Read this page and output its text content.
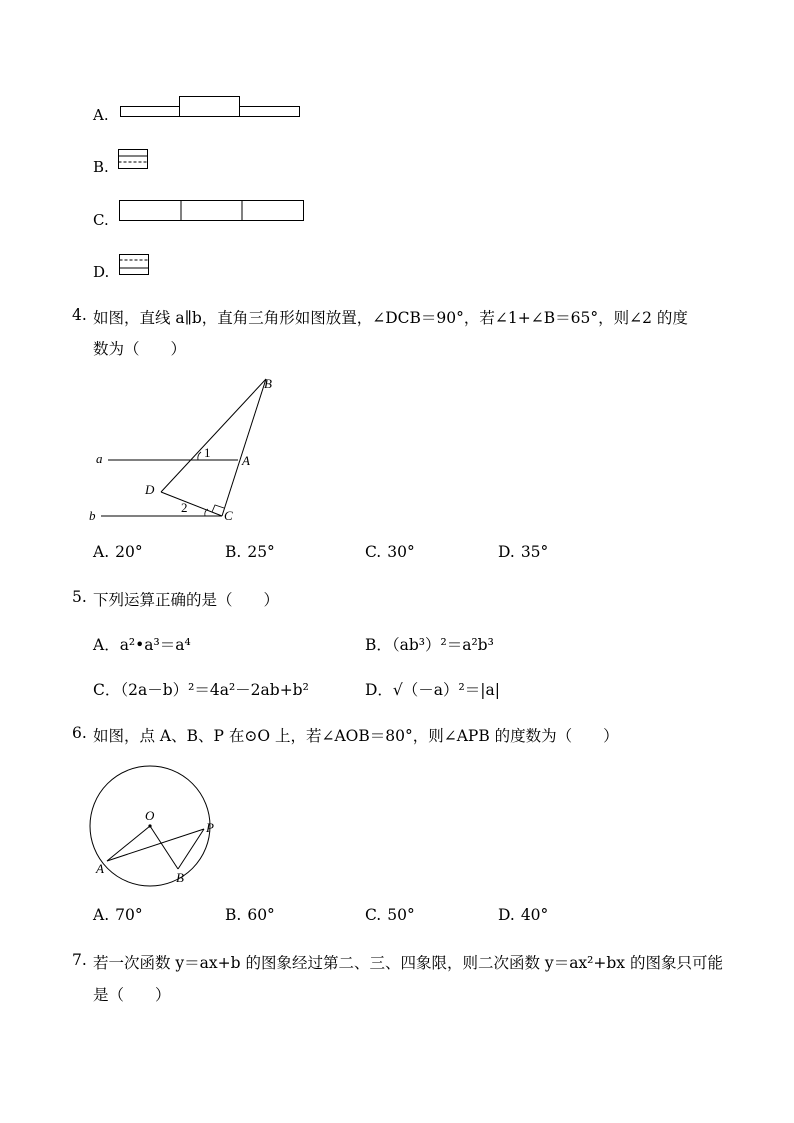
A.
B.
C.
D.
4. 如图，直线 a∥b，直角三角形如图放置，∠DCB＝90°，若∠1+∠B＝65°，则∠2 的度
数为（　　）
B
a	1
A
D
b
2
C
A. 20°	B. 25°	C. 30°	D. 35°
5. 下列运算正确的是（　　）
A．a²•a³＝a⁴	B．（ab³）²＝a²b³
C．（2a－b）²＝4a²－2ab+b²	D．√（－a）²＝|a|
6. 如图，点 A、B、P 在⊙O 上，若∠AOB＝80°，则∠APB 的度数为（　　）
O
P
A
B
A. 70°	B. 60°	C. 50°	D. 40°
7. 若一次函数 y＝ax+b 的图象经过第二、三、四象限，则二次函数 y＝ax²+bx 的图象只可能
是（　　）
